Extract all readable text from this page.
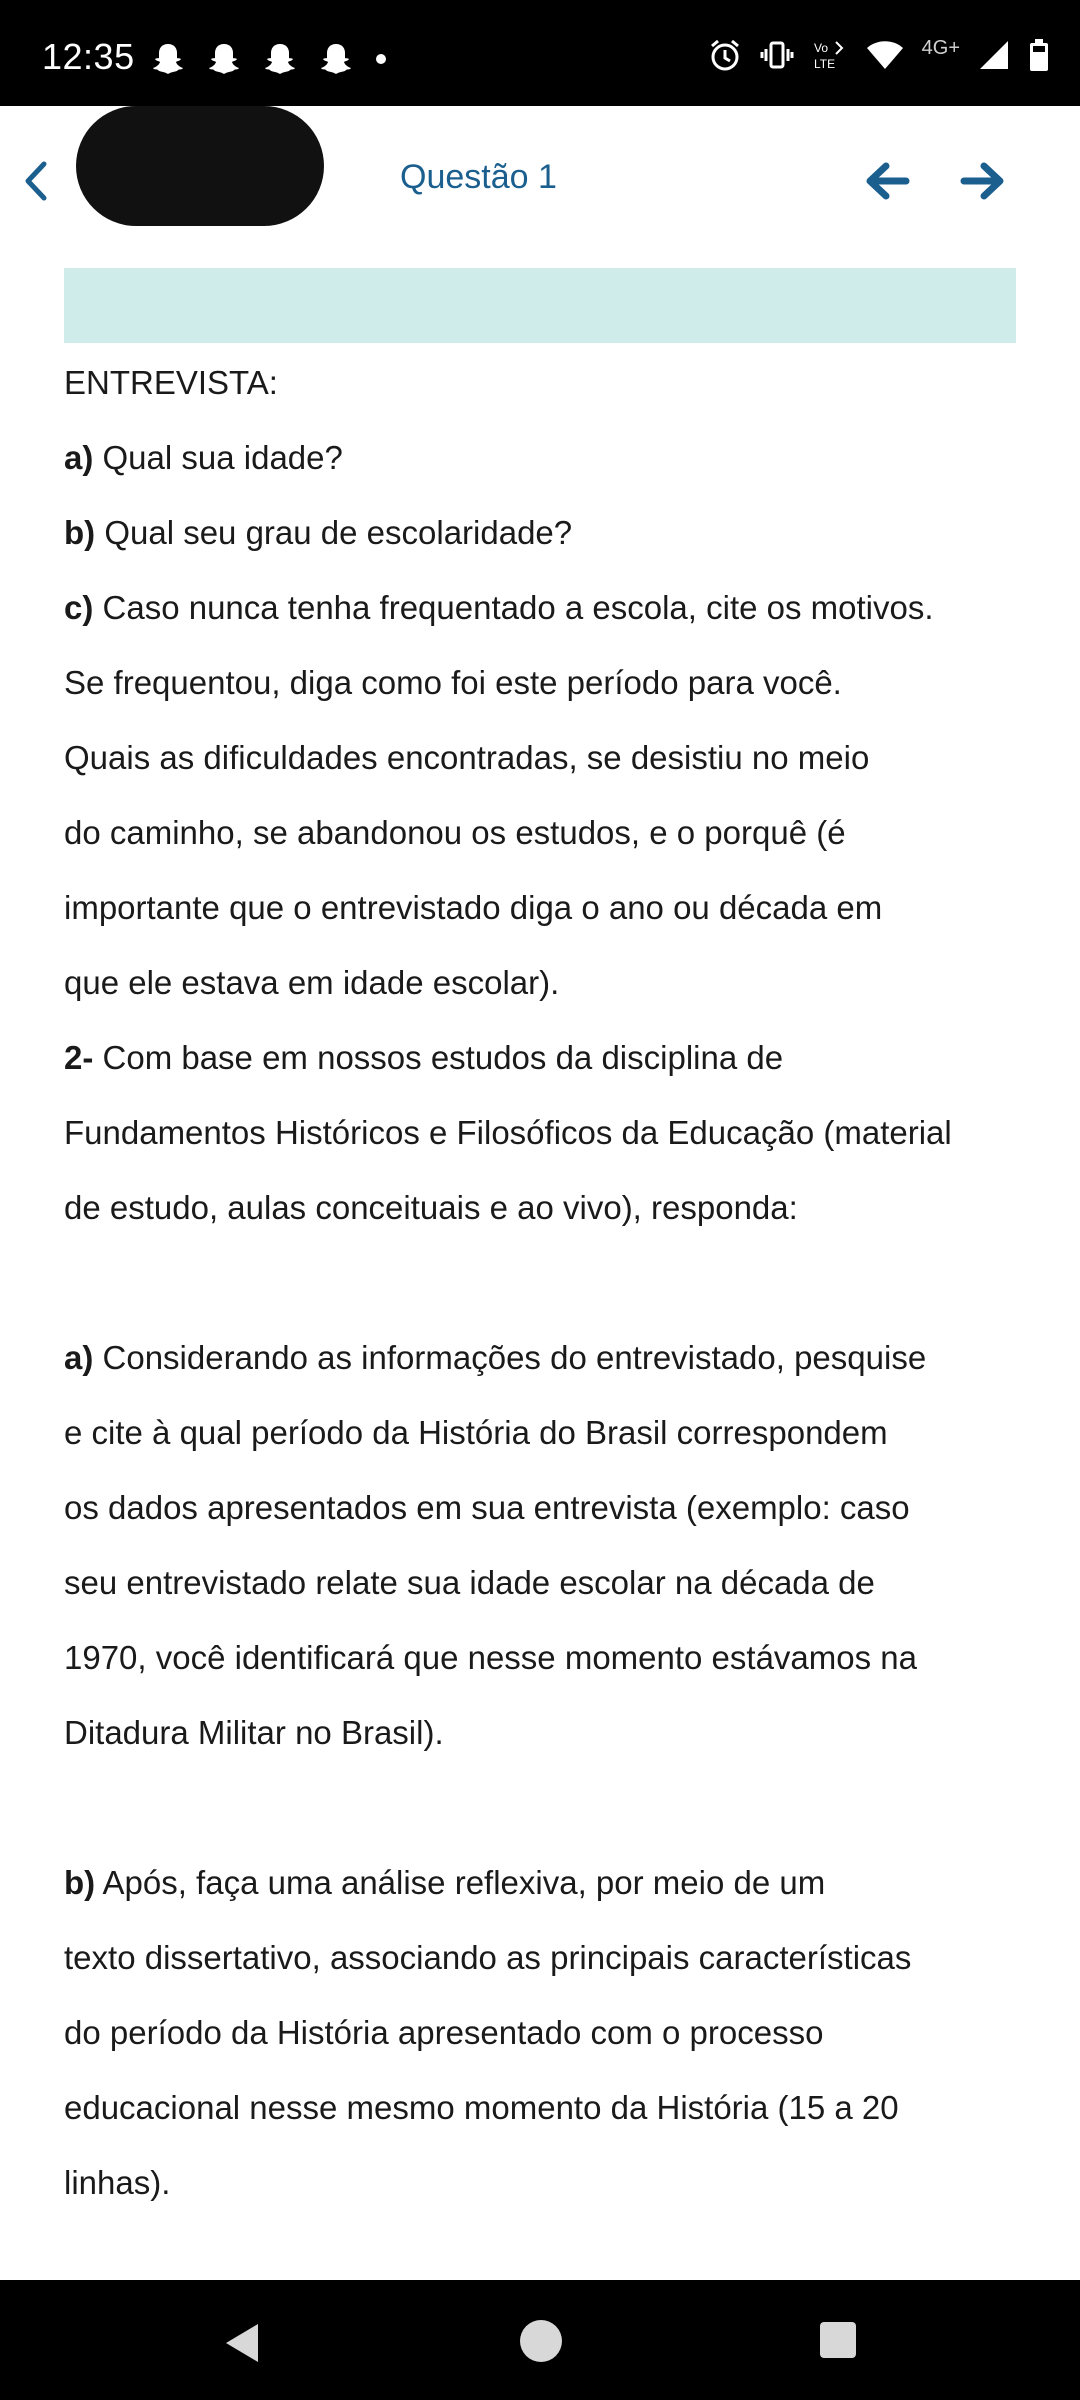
12:35	Vo
LTE
4G+
Questão 1
ENTREVISTA:
a) Qual sua idade?
b) Qual seu grau de escolaridade?
c) Caso nunca tenha frequentado a escola, cite os motivos.
Se frequentou, diga como foi este período para você.
Quais as dificuldades encontradas, se desistiu no meio
do caminho, se abandonou os estudos, e o porquê (é
importante que o entrevistado diga o ano ou década em
que ele estava em idade escolar).
2- Com base em nossos estudos da disciplina de
Fundamentos Históricos e Filosóficos da Educação (material
de estudo, aulas conceituais e ao vivo), responda:
a) Considerando as informações do entrevistado, pesquise
e cite à qual período da História do Brasil correspondem
os dados apresentados em sua entrevista (exemplo: caso
seu entrevistado relate sua idade escolar na década de
1970, você identificará que nesse momento estávamos na
Ditadura Militar no Brasil).
b) Após, faça uma análise reflexiva, por meio de um
texto dissertativo, associando as principais características
do período da História apresentado com o processo
educacional nesse mesmo momento da História (15 a 20
linhas).
